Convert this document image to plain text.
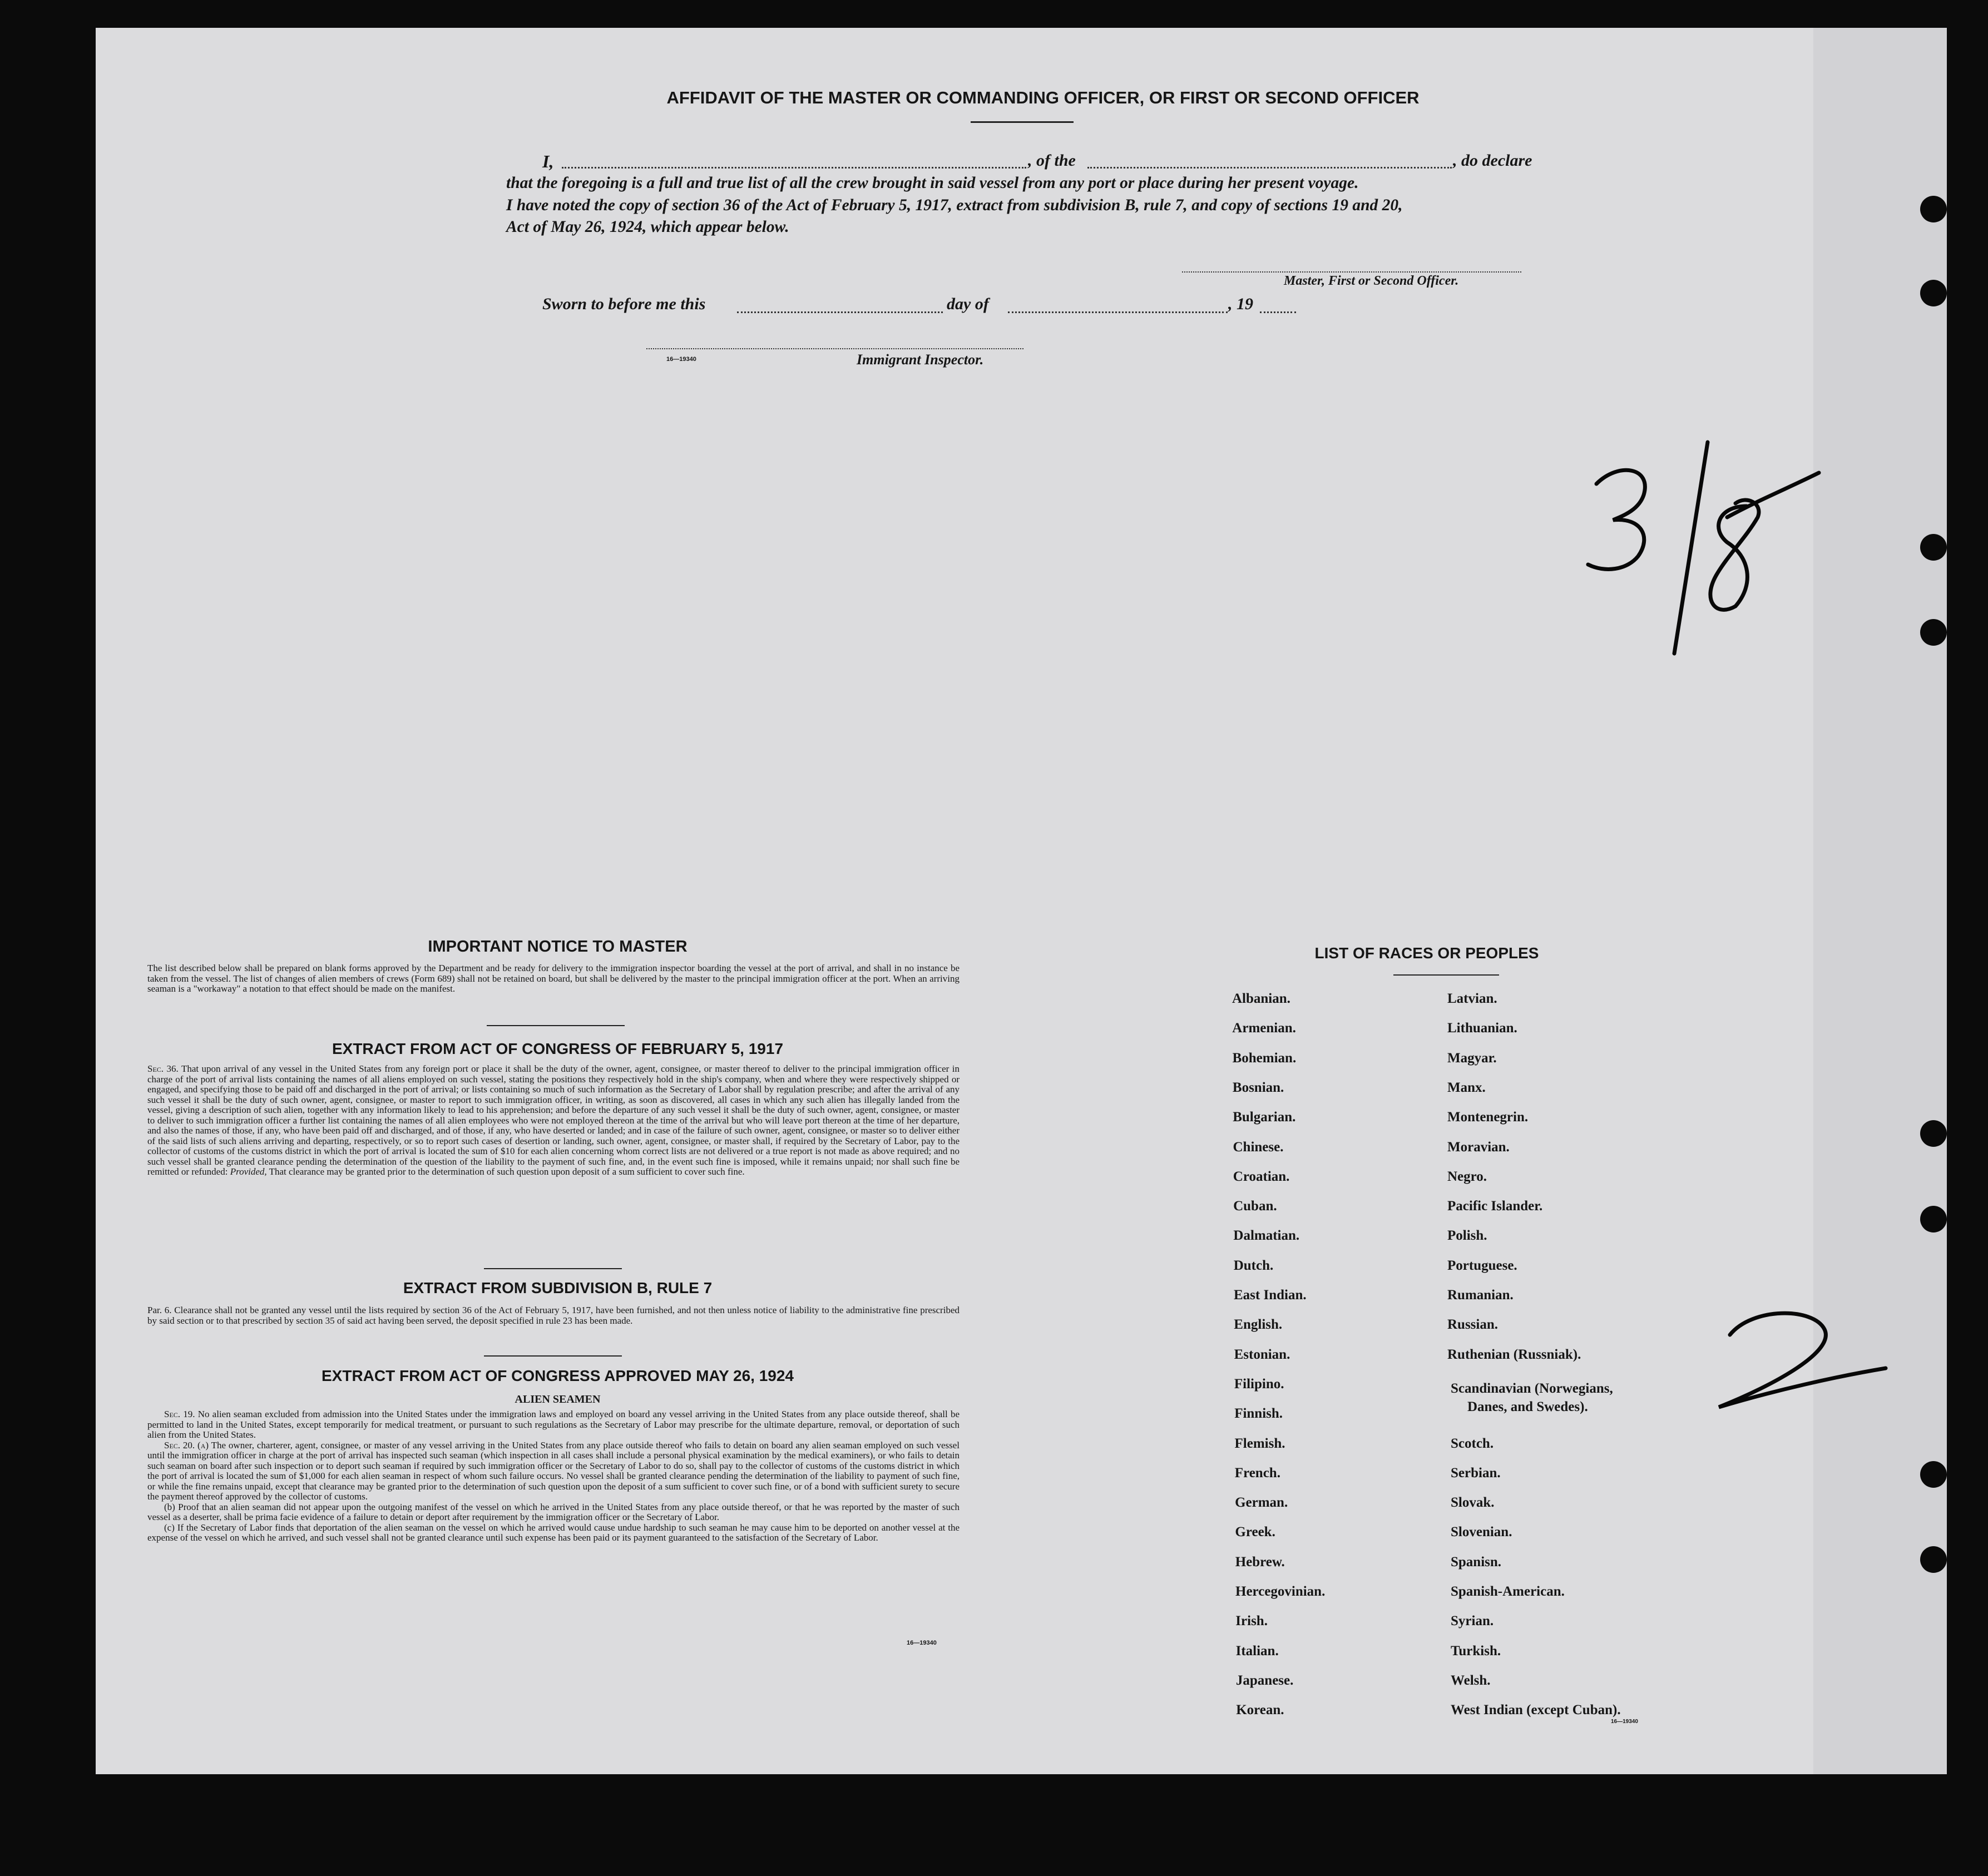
AFFIDAVIT OF THE MASTER OR COMMANDING OFFICER, OR FIRST OR SECOND OFFICER
I,	, of the	, do declare
that the foregoing is a full and true list of all the crew brought in said vessel from any port or place during her present voyage.
I have noted the copy of section 36 of the Act of February 5, 1917, extract from subdivision B, rule 7, and copy of sections 19 and 20,
Act of May 26, 1924, which appear below.
Master, First or Second Officer.
Sworn to before me this	day of	, 19
16—19340	Immigrant Inspector.
IMPORTANT NOTICE TO MASTER
The list described below shall be prepared on blank forms approved by the Department and be ready for delivery to the immigration inspector boarding the vessel at the port of arrival, and shall in no instance be taken from the vessel. The list of changes of alien members of crews (Form 689) shall not be retained on board, but shall be delivered by the master to the principal immigration officer at the port. When an arriving seaman is a "workaway" a notation to that effect should be made on the manifest.
EXTRACT FROM ACT OF CONGRESS OF FEBRUARY 5, 1917
Sec. 36. That upon arrival of any vessel in the United States from any foreign port or place it shall be the duty of the owner, agent, consignee, or master thereof to deliver to the principal immigration officer in charge of the port of arrival lists containing the names of all aliens employed on such vessel, stating the positions they respectively hold in the ship's company, when and where they were respectively shipped or engaged, and specifying those to be paid off and discharged in the port of arrival; or lists containing so much of such information as the Secretary of Labor shall by regulation prescribe; and after the arrival of any such vessel it shall be the duty of such owner, agent, consignee, or master to report to such immigration officer, in writing, as soon as discovered, all cases in which any such alien has illegally landed from the vessel, giving a description of such alien, together with any information likely to lead to his apprehension; and before the departure of any such vessel it shall be the duty of such owner, agent, consignee, or master to deliver to such immigration officer a further list containing the names of all alien employees who were not employed thereon at the time of the arrival but who will leave port thereon at the time of her departure, and also the names of those, if any, who have been paid off and discharged, and of those, if any, who have deserted or landed; and in case of the failure of such owner, agent, consignee, or master so to deliver either of the said lists of such aliens arriving and departing, respectively, or so to report such cases of desertion or landing, such owner, agent, consignee, or master shall, if required by the Secretary of Labor, pay to the collector of customs of the customs district in which the port of arrival is located the sum of $10 for each alien concerning whom correct lists are not delivered or a true report is not made as above required; and no such vessel shall be granted clearance pending the determination of the question of the liability to the payment of such fine, and, in the event such fine is imposed, while it remains unpaid; nor shall such fine be remitted or refunded: Provided, That clearance may be granted prior to the determination of such question upon deposit of a sum sufficient to cover such fine.
EXTRACT FROM SUBDIVISION B, RULE 7
Par. 6. Clearance shall not be granted any vessel until the lists required by section 36 of the Act of February 5, 1917, have been furnished, and not then unless notice of liability to the administrative fine prescribed by said section or to that prescribed by section 35 of said act having been served, the deposit specified in rule 23 has been made.
EXTRACT FROM ACT OF CONGRESS APPROVED MAY 26, 1924
ALIEN SEAMEN
Sec. 19. No alien seaman excluded from admission into the United States under the immigration laws and employed on board any vessel arriving in the United States from any place outside thereof, shall be permitted to land in the United States, except temporarily for medical treatment, or pursuant to such regulations as the Secretary of Labor may prescribe for the ultimate departure, removal, or deportation of such alien from the United States.
Sec. 20. (a) The owner, charterer, agent, consignee, or master of any vessel arriving in the United States from any place outside thereof who fails to detain on board any alien seaman employed on such vessel until the immigration officer in charge at the port of arrival has inspected such seaman (which inspection in all cases shall include a personal physical examination by the medical examiners), or who fails to detain such seaman on board after such inspection or to deport such seaman if required by such immigration officer or the Secretary of Labor to do so, shall pay to the collector of customs of the customs district in which the port of arrival is located the sum of $1,000 for each alien seaman in respect of whom such failure occurs. No vessel shall be granted clearance pending the determination of the liability to payment of such fine, or while the fine remains unpaid, except that clearance may be granted prior to the determination of such question upon the deposit of a sum sufficient to cover such fine, or of a bond with sufficient surety to secure the payment thereof approved by the collector of customs.
(b) Proof that an alien seaman did not appear upon the outgoing manifest of the vessel on which he arrived in the United States from any place outside thereof, or that he was reported by the master of such vessel as a deserter, shall be prima facie evidence of a failure to detain or deport after requirement by the immigration officer or the Secretary of Labor.
(c) If the Secretary of Labor finds that deportation of the alien seaman on the vessel on which he arrived would cause undue hardship to such seaman he may cause him to be deported on another vessel at the expense of the vessel on which he arrived, and such vessel shall not be granted clearance until such expense has been paid or its payment guaranteed to the satisfaction of the Secretary of Labor.
16—19340
LIST OF RACES OR PEOPLES
Albanian.
Armenian.
Bohemian.
Bosnian.
Bulgarian.
Chinese.
Croatian.
Cuban.
Dalmatian.
Dutch.
East Indian.
English.
Estonian.
Filipino.
Finnish.
Flemish.
French.
German.
Greek.
Hebrew.
Hercegovinian.
Irish.
Italian.
Japanese.
Korean.
Latvian.
Lithuanian.
Magyar.
Manx.
Montenegrin.
Moravian.
Negro.
Pacific Islander.
Polish.
Portuguese.
Rumanian.
Russian.
Ruthenian (Russniak).
Scandinavian (Norwegians,
Scotch.
Serbian.
Slovak.
Slovenian.
Spanisn.
Spanish-American.
Syrian.
Turkish.
Welsh.
West Indian (except Cuban).
Danes, and Swedes).
16—19340
